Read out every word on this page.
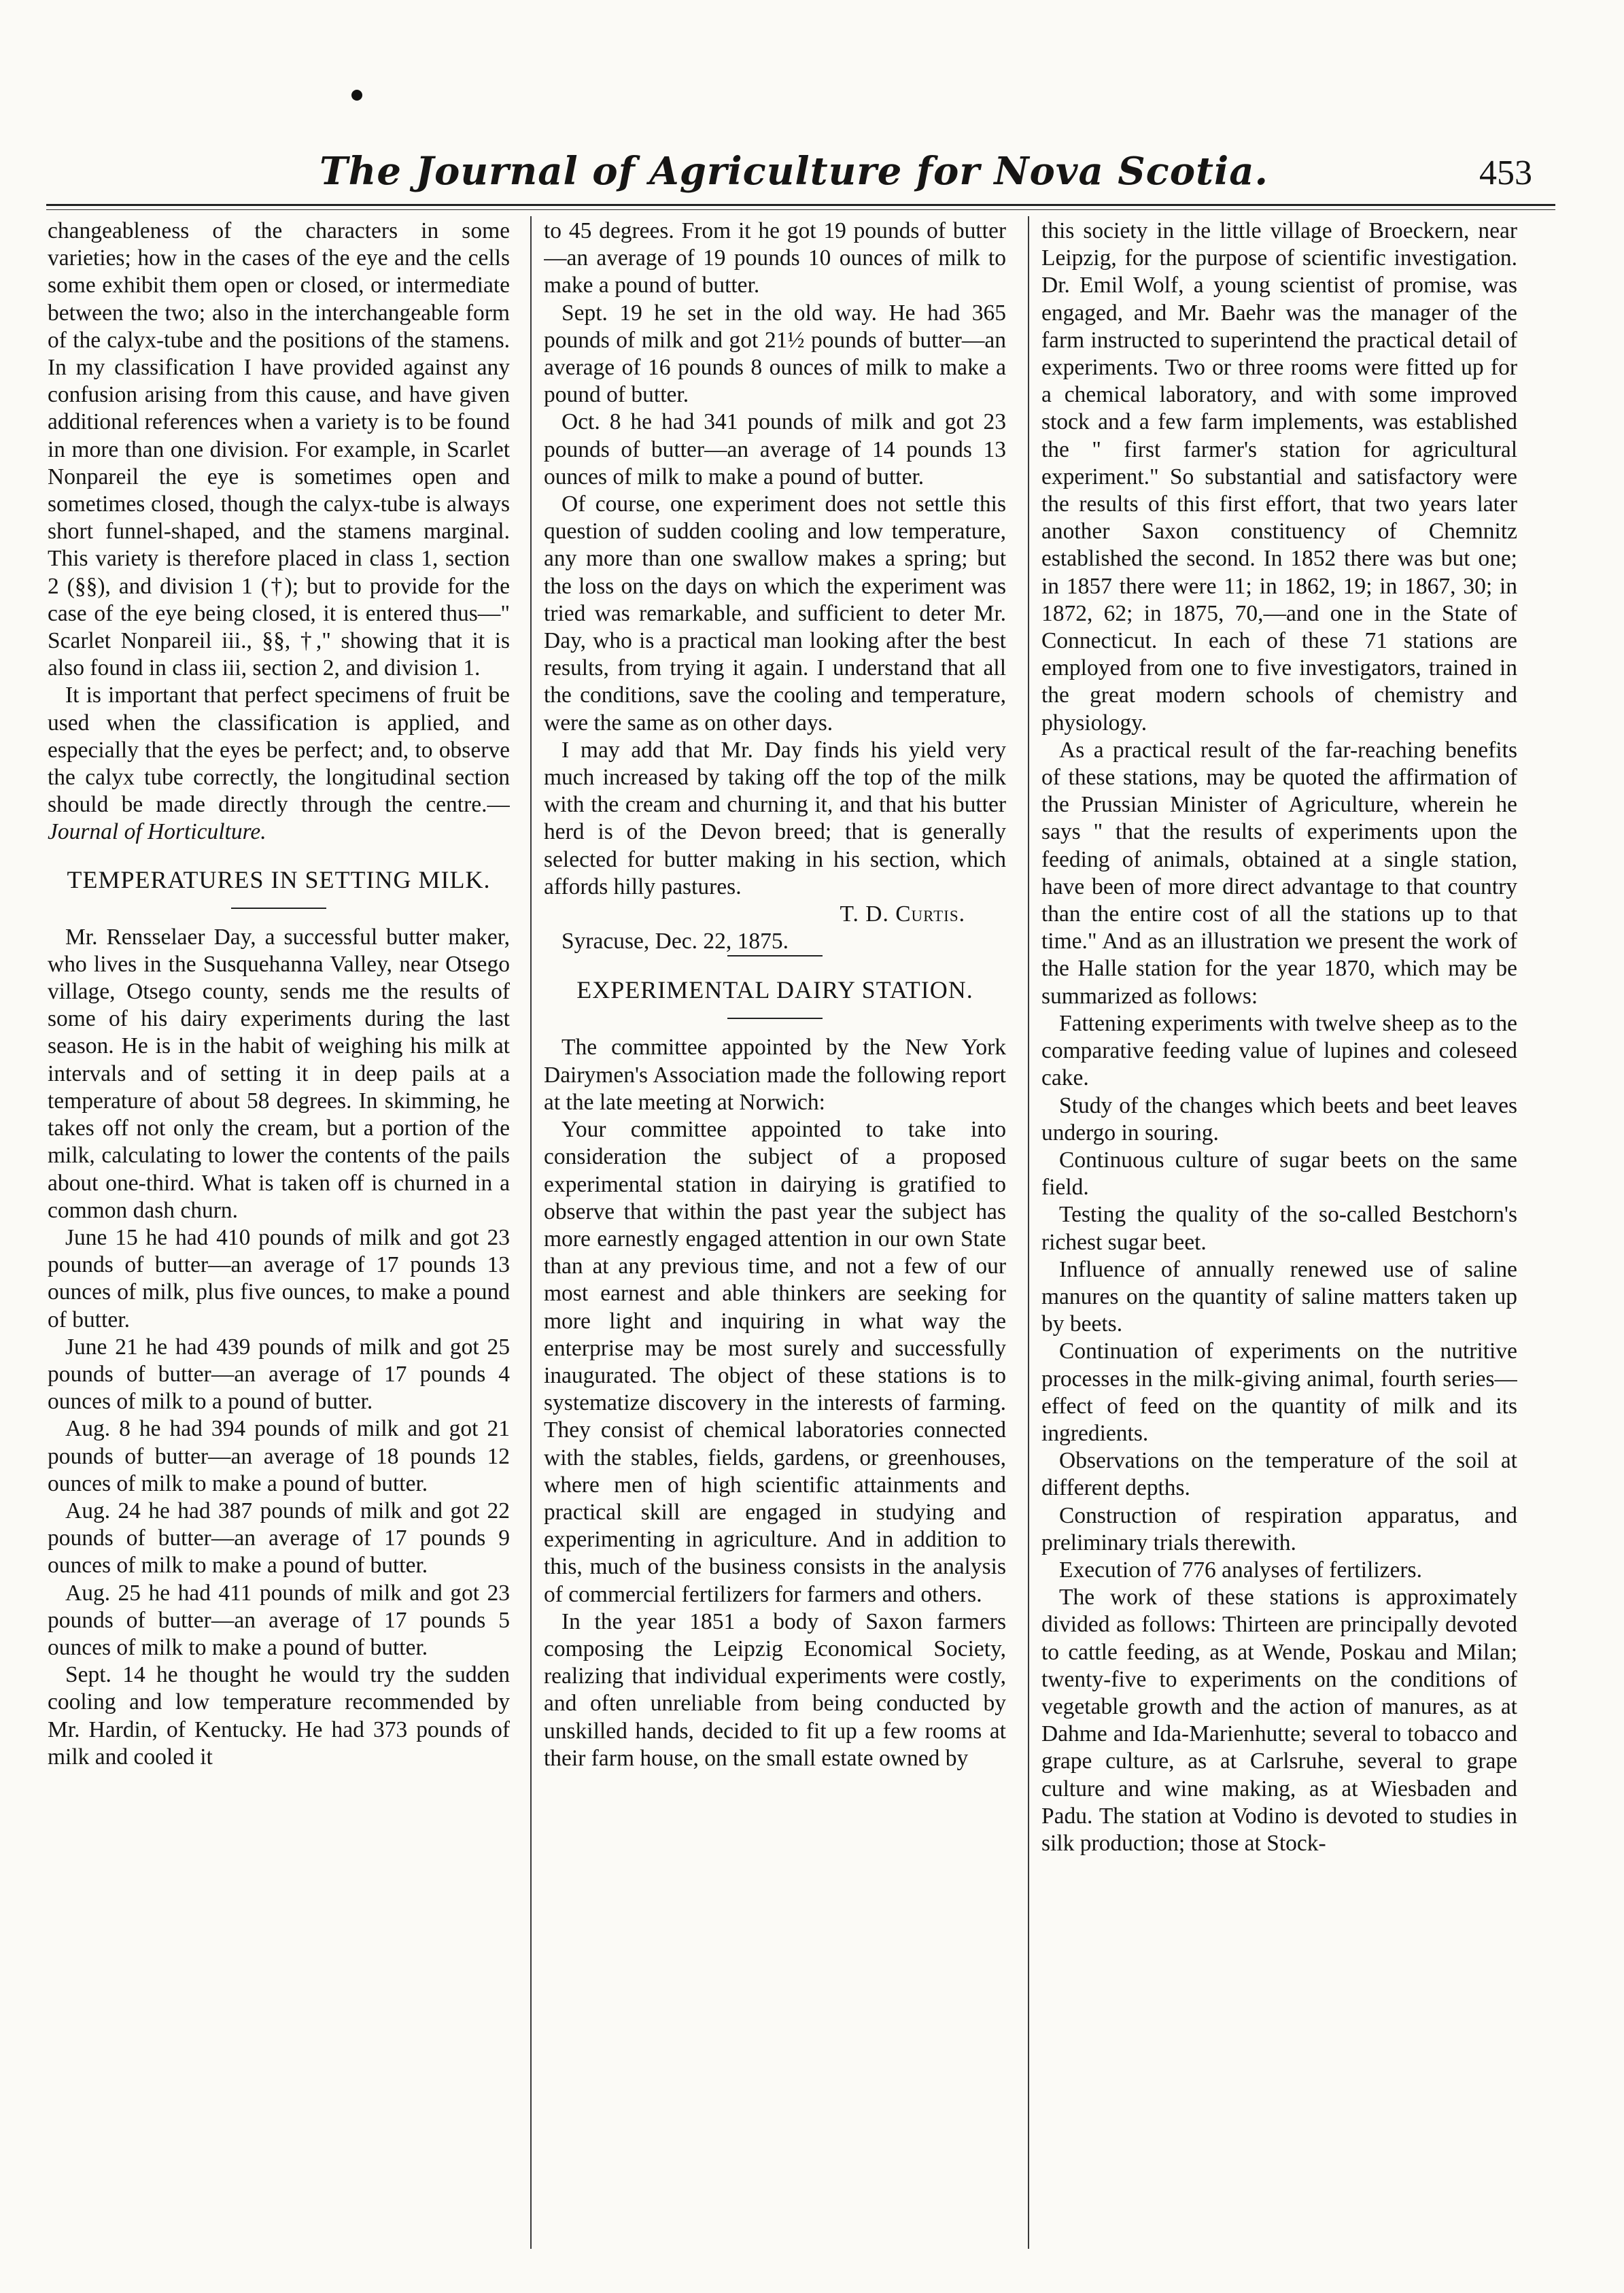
The Journal of Agriculture for Nova Scotia.	453

changeableness of the characters in some varieties; how in the cases of the eye and the cells some exhibit them open or closed, or intermediate between the two; also in the interchangeable form of the calyx-tube and the positions of the stamens. In my classification I have provided against any confusion arising from this cause, and have given additional references when a variety is to be found in more than one division. For example, in Scarlet Nonpareil the eye is sometimes open and sometimes closed, though the calyx-tube is always short funnel-shaped, and the stamens marginal. This variety is therefore placed in class 1, section 2 (§§), and division 1 (†); but to provide for the case of the eye being closed, it is entered thus—" Scarlet Nonpareil iii., §§, †," showing that it is also found in class iii, section 2, and division 1.

It is important that perfect specimens of fruit be used when the classification is applied, and especially that the eyes be perfect; and, to observe the calyx tube correctly, the longitudinal section should be made directly through the centre.— Journal of Horticulture.

TEMPERATURES IN SETTING MILK.

Mr. Rensselaer Day, a successful butter maker, who lives in the Susquehanna Valley, near Otsego village, Otsego county, sends me the results of some of his dairy experiments during the last season. He is in the habit of weighing his milk at intervals and of setting it in deep pails at a temperature of about 58 degrees. In skimming, he takes off not only the cream, but a portion of the milk, calculating to lower the contents of the pails about one-third. What is taken off is churned in a common dash churn.

June 15 he had 410 pounds of milk and got 23 pounds of butter—an average of 17 pounds 13 ounces of milk, plus five ounces, to make a pound of butter.

June 21 he had 439 pounds of milk and got 25 pounds of butter—an average of 17 pounds 4 ounces of milk to a pound of butter.

Aug. 8 he had 394 pounds of milk and got 21 pounds of butter—an average of 18 pounds 12 ounces of milk to make a pound of butter.

Aug. 24 he had 387 pounds of milk and got 22 pounds of butter—an average of 17 pounds 9 ounces of milk to make a pound of butter.

Aug. 25 he had 411 pounds of milk and got 23 pounds of butter—an average of 17 pounds 5 ounces of milk to make a pound of butter.

Sept. 14 he thought he would try the sudden cooling and low temperature recommended by Mr. Hardin, of Kentucky. He had 373 pounds of milk and cooled it

to 45 degrees. From it he got 19 pounds of butter—an average of 19 pounds 10 ounces of milk to make a pound of butter.

Sept. 19 he set in the old way. He had 365 pounds of milk and got 21½ pounds of butter—an average of 16 pounds 8 ounces of milk to make a pound of butter.

Oct. 8 he had 341 pounds of milk and got 23 pounds of butter—an average of 14 pounds 13 ounces of milk to make a pound of butter.

Of course, one experiment does not settle this question of sudden cooling and low temperature, any more than one swallow makes a spring; but the loss on the days on which the experiment was tried was remarkable, and sufficient to deter Mr. Day, who is a practical man looking after the best results, from trying it again. I understand that all the conditions, save the cooling and temperature, were the same as on other days.

I may add that Mr. Day finds his yield very much increased by taking off the top of the milk with the cream and churning it, and that his butter herd is of the Devon breed; that is generally selected for butter making in his section, which affords hilly pastures.

T. D. Curtis.

Syracuse, Dec. 22, 1875.

EXPERIMENTAL DAIRY STATION.

The committee appointed by the New York Dairymen's Association made the following report at the late meeting at Norwich:

Your committee appointed to take into consideration the subject of a proposed experimental station in dairying is gratified to observe that within the past year the subject has more earnestly engaged attention in our own State than at any previous time, and not a few of our most earnest and able thinkers are seeking for more light and inquiring in what way the enterprise may be most surely and successfully inaugurated. The object of these stations is to systematize discovery in the interests of farming. They consist of chemical laboratories connected with the stables, fields, gardens, or greenhouses, where men of high scientific attainments and practical skill are engaged in studying and experimenting in agriculture. And in addition to this, much of the business consists in the analysis of commercial fertilizers for farmers and others.

In the year 1851 a body of Saxon farmers composing the Leipzig Economical Society, realizing that individual experiments were costly, and often unreliable from being conducted by unskilled hands, decided to fit up a few rooms at their farm house, on the small estate owned by

this society in the little village of Broeckern, near Leipzig, for the purpose of scientific investigation. Dr. Emil Wolf, a young scientist of promise, was engaged, and Mr. Baehr was the manager of the farm instructed to superintend the practical detail of experiments. Two or three rooms were fitted up for a chemical laboratory, and with some improved stock and a few farm implements, was established the " first farmer's station for agricultural experiment." So substantial and satisfactory were the results of this first effort, that two years later another Saxon constituency of Chemnitz established the second. In 1852 there was but one; in 1857 there were 11; in 1862, 19; in 1867, 30; in 1872, 62; in 1875, 70,—and one in the State of Connecticut. In each of these 71 stations are employed from one to five investigators, trained in the great modern schools of chemistry and physiology.

As a practical result of the far-reaching benefits of these stations, may be quoted the affirmation of the Prussian Minister of Agriculture, wherein he says " that the results of experiments upon the feeding of animals, obtained at a single station, have been of more direct advantage to that country than the entire cost of all the stations up to that time." And as an illustration we present the work of the Halle station for the year 1870, which may be summarized as follows:

Fattening experiments with twelve sheep as to the comparative feeding value of lupines and coleseed cake.

Study of the changes which beets and beet leaves undergo in souring.

Continuous culture of sugar beets on the same field.

Testing the quality of the so-called Bestchorn's richest sugar beet.

Influence of annually renewed use of saline manures on the quantity of saline matters taken up by beets.

Continuation of experiments on the nutritive processes in the milk-giving animal, fourth series—effect of feed on the quantity of milk and its ingredients.

Observations on the temperature of the soil at different depths.

Construction of respiration apparatus, and preliminary trials therewith.

Execution of 776 analyses of fertilizers.

The work of these stations is approximately divided as follows: Thirteen are principally devoted to cattle feeding, as at Wende, Poskau and Milan; twenty-five to experiments on the conditions of vegetable growth and the action of manures, as at Dahme and Ida-Marienhutte; several to tobacco and grape culture, as at Carlsruhe, several to grape culture and wine making, as at Wiesbaden and Padu. The station at Vodino is devoted to studies in silk production; those at Stock-
